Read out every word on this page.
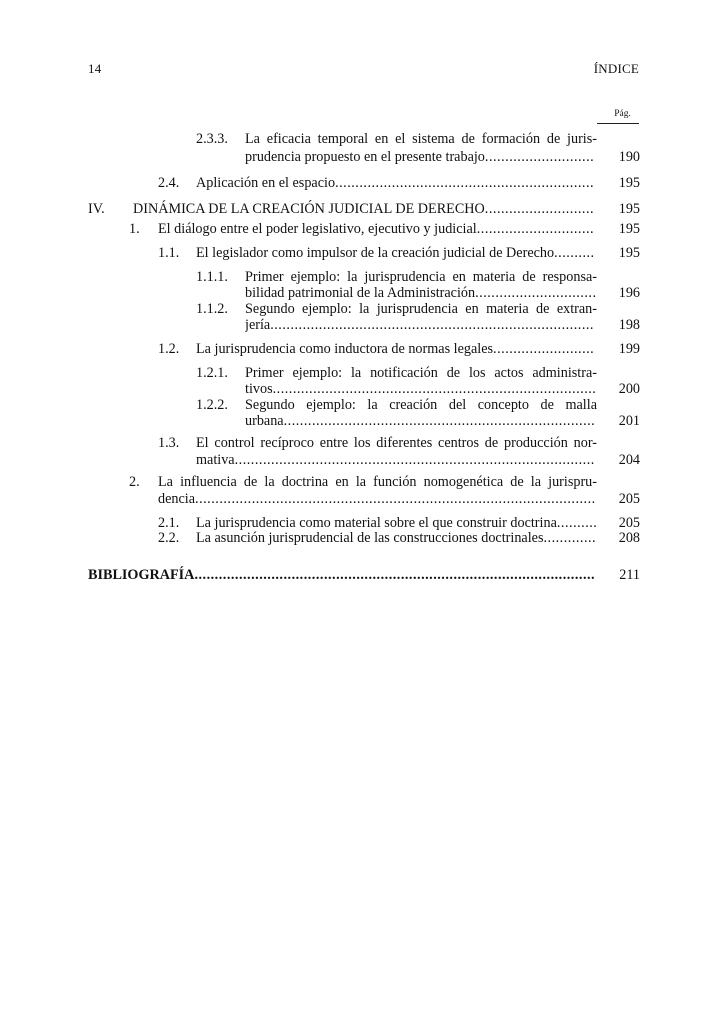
14	ÍNDICE
Pág.
2.3.3. La eficacia temporal en el sistema de formación de juris-
prudencia propuesto en el presente trabajo...........................	190
2.4. Aplicación en el espacio................................................................	195
IV. DINÁMICA DE LA CREACIÓN JUDICIAL DE DERECHO...........................	195
1. El diálogo entre el poder legislativo, ejecutivo y judicial.............................	195
1.1. El legislador como impulsor de la creación judicial de Derecho..........	195
1.1.1. Primer ejemplo: la jurisprudencia en materia de responsa-
bilidad patrimonial de la Administración..............................	196
1.1.2. Segundo ejemplo: la jurisprudencia en materia de extran-
jería................................................................................	198
1.2. La jurisprudencia como inductora de normas legales.........................	199
1.2.1. Primer ejemplo: la notificación de los actos administra-
tivos................................................................................	200
1.2.2. Segundo ejemplo: la creación del concepto de malla
urbana.............................................................................	201
1.3. El control recíproco entre los diferentes centros de producción nor-
mativa.........................................................................................	204
2. La influencia de la doctrina en la función nomogenética de la jurispru-
dencia...................................................................................................	205
2.1. La jurisprudencia como material sobre el que construir doctrina..........	205
2.2. La asunción jurisprudencial de las construcciones doctrinales.............	208
BIBLIOGRAFÍA...................................................................................................	211
